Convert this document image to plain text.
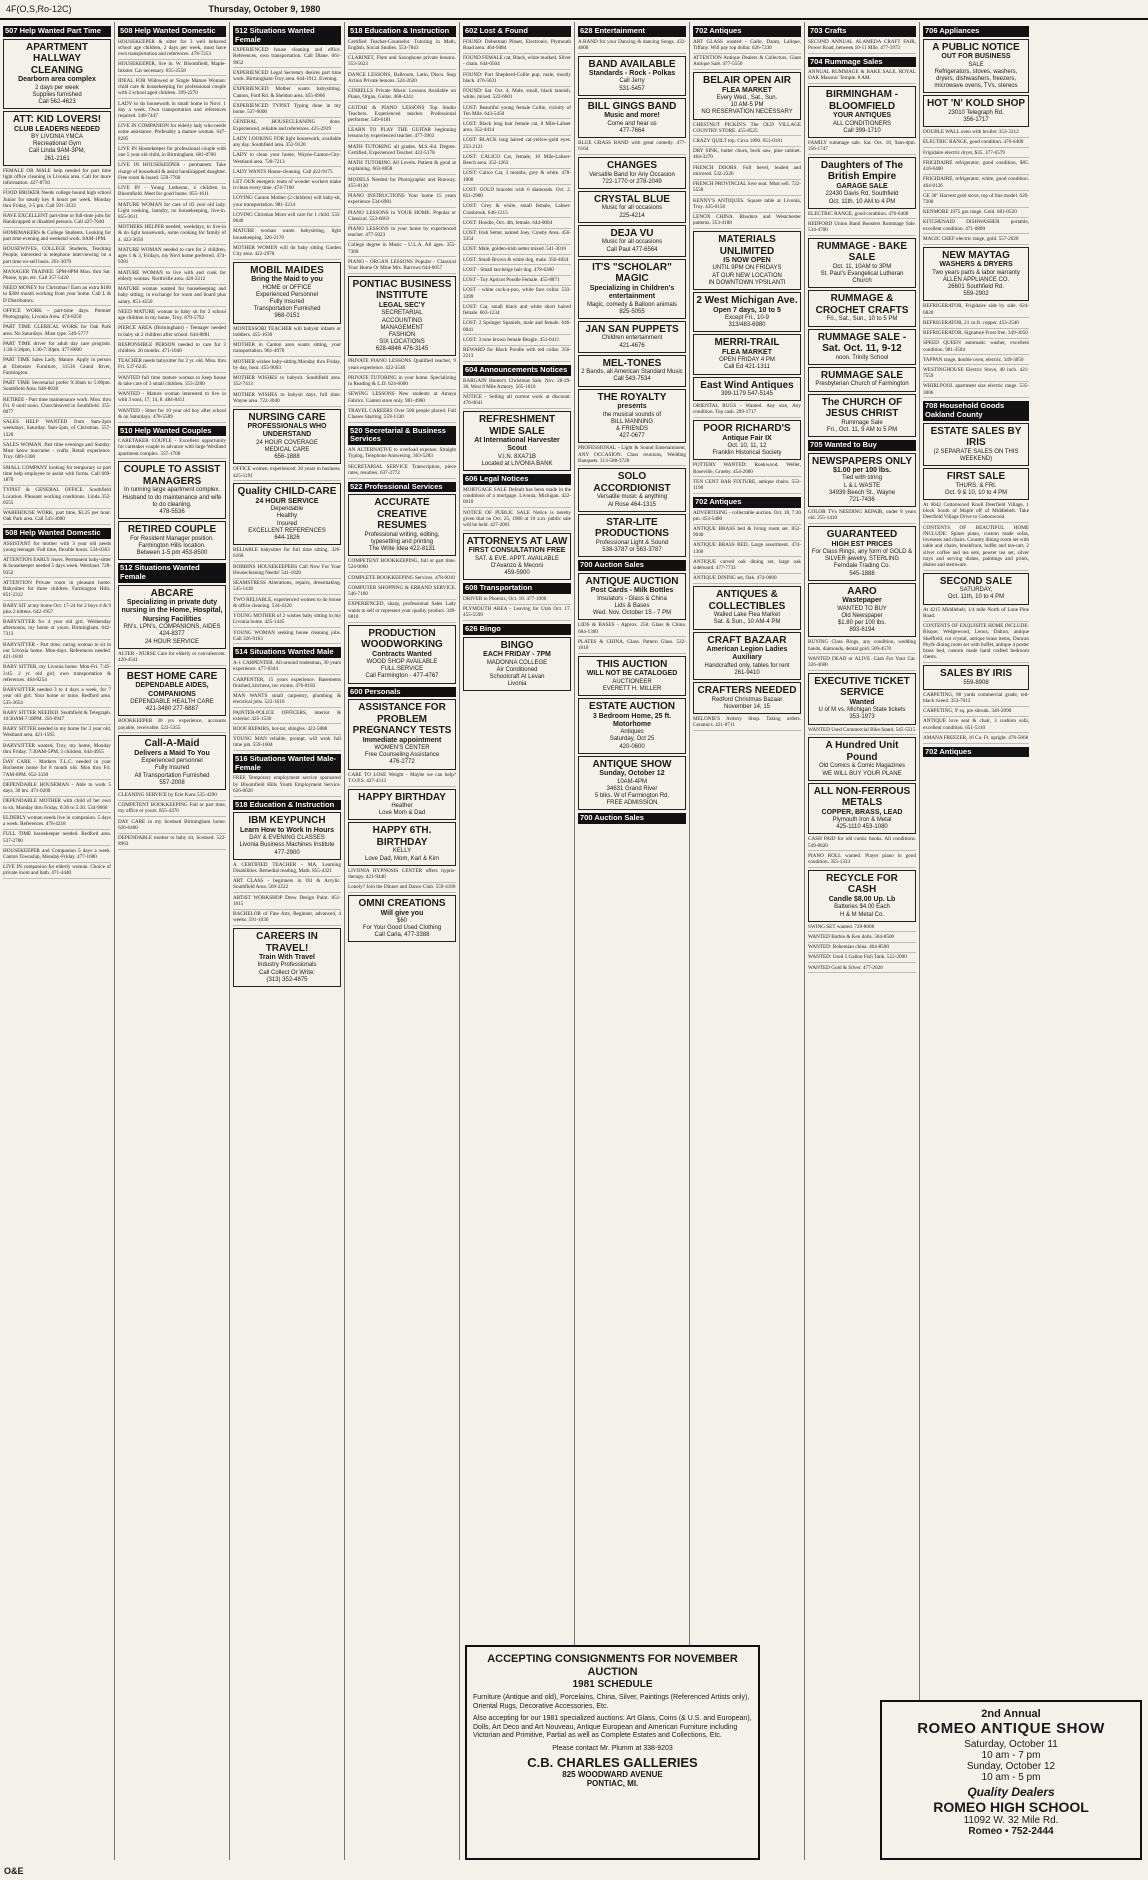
4F(O,S,Ro-12C)	Thursday, October 9, 1980
507 Help Wanted Part Time
APARTMENT HALLWAY CLEANING
Dearborn area complex
2 days per week
Supplies furnished
Call 562-4623
ATT: KID LOVERS!
CLUB LEADERS NEEDED
BY LIVONIA YMCA
Recreational Gym
Call Linda 9AM-3PM,
261-2161
FEMALE OR MALE help needed for part time light office cleaning in Livonia area. Call for more information. 427-8750
FOOD BROKER Needs college bound high school Junior for steady key 8 hours per week. Monday thru Friday, 3-5 pm. Call 591-3333
HAVE EXCELLENT part-time or full-time jobs for Handicapped or disabled persons. Call 427-7640
HOMEMAKERS & College Students. Looking for part time evening and weekend work. 8AM-1PM.
HOUSEWIVES, COLLEGE Students, Teaching People, interested in telephone interviewing on a part time no-sell basis. 261-3070
MANAGER TRAINEE. 5PM-8PM Mon. thru Sat. Phone, type, etc. Call 357-5420
NEED MONEY for Christmas? Earn an extra $100 to $300 month working from your home. Call L & D Distributors.
OFFICE WORK - part-time days. Premier Photography, Livonia Area. 474-8250
PART TIME CLERICAL WORK for Oak Park area. No Saturdays. Must type. 549-5777
PART TIME driver for adult day care program. 1:30-3:30pm, 1:30-7:30pm. 477-8000
PART TIME Sales Lady. Mature. Apply in person at Ebenezer Furniture, 31516 Grand River, Farmington.
PART TIME Secretarial prefer 9:30am to 5:00pm. Southfield Area. 646-8030
RETIREE - Part time maintenance work. Mon. thru Fri. 8 until noon. Churchleaved in Southfield. 355-0077
SALES HELP WANTED from 8am-2pm weekdays, Saturday. 9am-5pm, of Christmas. 557-1320
SALES WOMAN. Part time evenings and Sunday. Must know macrame - crafts. Retail experience. Troy. 689-1300
SMALL COMPANY looking for temporary or part time help employee to assist with forms. Call 669-1870
TYPIST & GENERAL OFFICE. Southfield Location. Pleasant working conditions. Linda 352-0555
WAREHOUSE WORK, part time, $3.25 per hour. Oak Park area. Call 543-3000
508 Help Wanted Domestic
ASSISTANT for mother with 3 year old needs young teenager. Full time, flexible hours. 534-0303
ATTENTION EARLY risers. Permanent baby-sitter & housekeeper needed 5 days week. Westland. 728-9352
ATTENTION Private room in pleasant home. Babysitter for three children. Farmington Hills. 851-2312
BABY SIT at my home Oct. 17-24 for 2 boys 4 & 9 plus 2 kittens. 642-1957
BABYSITTER for 4 year old girl. Wednesday afternoons, my home or yours. Birmingham. 642-7313
BABYSITTER - Part time, caring woman to sit in our Livonia home. Mon-days. References needed. 421-1818
BABY SITTER, my Livonia home. Mon-Fri. 7:45-3:45. 2 yr. old girl, own transportation & references. 464-8254
BABYSITTER needed 3 to 4 days a week, for 7 year old girl. Your home or mine. Redford area. 535-3654
BABY SITTER NEEDED. Southfield & Telegraph. 10:30AM-7:30PM. 356-0947
BABY SITTER needed in my home for 3 year old, Westland area. 421-1565
BABYSITTER wanted, Troy, my home, Monday thru Friday. 7:30AM-5PM, 3 children. 644-4955
DAY CARE - Mothers T.L.C. needed in your Rochester home for 8 month old. Mon thru Fri. 7AM-6PM. 652-3330
DEPENDABLE HOUSEMAN - Able to work 5 days, 30 hrs. 471-0200
DEPENDABLE MOTHER with child of her own to sit, Monday thru Friday. 8:30 to 5:30. 534-9660
ELDERLY woman needs live in companion. 5 days a week. References. 476-4218
FULL TIME housekeeper needed. Redford area. 537-2700
HOUSEKEEPER and Companion 5 days a week. Canton Township, Monday-Friday. 477-1680
LIVE IN companion for elderly woman. Choice of private room and bath. 471-4440
508 Help Wanted Domestic
HOUSEKEEPER & sitter for 3 well behaved school age children, 2 days per week, must have own transportation and references. 478-7253
HOUSEKEEPER, live in. W. Bloomfield, Maple-Inkster. Car necessary. 855-2558
IDEAL FOR Widowed or Single Mature Woman: child care & housekeeping for professional couple with 2 school aged children. 399-2270
LADY to do housework in small home in Novi. 1 day a week. Own transportation and references required. 348-7447
LIVE IN COMPANION for elderly lady who needs some assistance. Preferably a mature woman. 647-8285
LIVE IN Housekeeper for professional couple with one 5 year old child, in Birmingham. 681-0700
LIVE IN HOUSEKEEPER - permanent. Take charge of household & assist handicapped daughter. Free room & board. 559-7760
LIVE IN - Young Lutheran, 4 children in Bloomfield. Meet for good home. 855-1611
MATURE WOMAN for care of 83 year old lady. Light cooking, laundry, no housekeeping, live-in. 855-3611
MOTHERS HELPER needed, weekdays, to live-in & do light housework, some cooking for family of 4. 422-3650
MATURE WOMAN needed to care for 2 children, ages 1 & 3, Fridays, my Novi home preferred. 474-9381
MATURE WOMAN to live with and cook for elderly woman. Northville area. 420-2212
MATURE woman wanted for housekeeping and baby sitting, in exchange for room and board plus salary. 851-4550
NEED MATURE woman to baby sit for 2 school age children in my home, Troy. 879-5792
PIERCE AREA (Birmingham) - Teenager needed to baby sit 2 children after school. 644-8881
RESPONSIBLE PERSON needed to care for 3 children. 20 months. 471-1040
TEACHER needs babysitter for 2 yr. old. Mon. thru Fri. 537-6245
WANTED full time mature woman to keep house & take care of 3 small children. 553-2280
WANTED - Mature woman interested to live in with 3 sons, 17, 14, 8. 484-8411
WANTED - Sitter for 10 year old boy after school & on Saturdays. 478-5589
510 Help Wanted Couples
CARETAKER COUPLE - Excellent opportunity for caretaker couple to advance with large Westland apartment complex. 557-1700
COUPLE TO ASSIST MANAGERS
In running large apartment complex. Husband to do maintenance and wife to do cleaning.
478-5536
RETIRED COUPLE
For Resident Manager position. Farmington Hills location.
Between 1-5 pm 453-8500
512 Situations Wanted Female
ABCARE
Specializing in private duty nursing in the Home, Hospital, Nursing Facilities
RN's, LPN's, COMPANIONS, AIDES
424-8377
24 HOUR SERVICE
ALTER - NURSE Care for elderly or convalescent. 420-4541
BEST HOME CARE
DEPENDABLE AIDES, COMPANIONS
DEPENDABLE HEALTH CARE
421-3480 277-6887
BOOKKEEPER 30 yrs experience, accounts payable, receivable. 522-5355
Call-A-Maid
Delivers a Maid To You
Experienced personnel
Fully Insured
All Transportation Furnished
557-2008
CLEANING SERVICE by Erie Kuns 535-4290
COMPETENT BOOKKEEPING Full or part time, my office or yours. 855-4370
DAY CARE in my licensed Birmingham home. 626-6400
DEPENDABLE mother to baby sit, licensed. 522-8963
512 Situations Wanted Female
EXPERIENCED house cleaning and office. References, own transportation. Call Diane. 661-9052
EXPERIENCED Legal Secretary desires part time work. Birmingham-Troy area. 644-1912. Evening.
EXPERIENCED Mother wants babysitting. Canton, Ford Rd. & Sheldon area. 455-6966
EXPERIENCED TYPIST Typing done in my home. 537-6000
GENERAL HOUSECLEANING done. Experienced, reliable and references. 425-2919
LADY LOOKING FOR light housework, available any day. Southfield area. 352-9120
LADY to clean your home, Wayne-Canton-City-Westland area. 728-7213
LADY WANTS House-cleaning. Call 422-9175
LET OUR energetic team of wonder workers make it clean every time. 474-7160
LOVING Canton Mother (2 children) will baby-sit, your transportation. 981-3214
LOVING Christian Mom will care for 1 child. 535-0640
MATURE woman wants babysitting, light housekeeping. 326-2170
MOTHER WOMEN will do baby sitting Garden City area. 422-2970
MOBIL MAIDES
Bring the Maid to you
HOME or OFFICE
Experienced Personnel
Fully Insured
Transportation Furnished
968-0151
MONTESSORI TEACHER will babysit infants or toddlers. 455-1630
MOTHER in Canton area wants sitting, your transportation. 981-4970
MOTHER wishes baby-sitting Monday thru Friday, by day, hour. 455-9093
MOTHER WISHES to babysit. Southfield area. 352-7413
MOTHER WISHES to babysit days, full time. Wayne area. 722-3040
NURSING CARE
PROFESSIONALS WHO UNDERSTAND
24 HOUR COVERAGE
MEDICAL CARE
656-1888
OFFICE women, experienced. 30 years in business. 425-5191
Quality CHILD-CARE
24 HOUR SERVICE
Dependable
Healthy
Insured
EXCELLENT REFERENCES
644-1826
RELIABLE babysitter for full time sitting. 326-6160
ROBBINS HOUSEKEEPERS Call Now For Your Housecleaning Needs! 541-1020
SEAMSTRESS Alterations, repairs, dressmaking. 545-1418
TWO RELIABLE, experienced women to do house & office cleaning. 534-4120
YOUNG MOTHER of 2 wishes baby sitting in my Livonia home. 425-1445
YOUNG WOMAN seeking house cleaning jobs. Call 326-9163
514 Situations Wanted Male
A-1 CARPENTER. All-around tradesman, 30 years experience. 477-0344
CARPENTER, 15 years experience. Basements finished, kitchens, rec rooms. 476-8183
MAN WANTS small carpentry, plumbing & electrical jobs. 522-1610
PAINTER-POLICE OFFICERS, interior & exterior. 425-1530
ROOF REPAIRS, hot-tar, shingles. 422-5888
YOUNG MAN reliable, prompt, will work full time job. 559-1604
516 Situations Wanted Male-Female
FREE Temporary employment service sponsored by Bloomfield Hills Youth Employment Service. 626-0620
518 Education & Instruction
IBM KEYPUNCH
Learn How to Work In Hours
DAY & EVENING CLASSES
Livonia Business Machines Institute
477-2900
A CERTIFIED TEACHER - MA, Learning Disabilities. Remedial reading, Math. 855-4321
ART CLASS - beginners in Oil & Acrylic. Southfield Area. 569-2222
ARTIST WORKSHOP Drew Design Paint. 851-1015
BACHELOR of Fine Arts, Beginner, advanced, 4 weeks. 591-1030
CAREERS IN TRAVEL!
Train With Travel
Industry Professionals
Call Collect Or Write:
(313) 352-4875
518 Education & Instruction
Certified Teacher-Counselor. Tutoring in Math, English, Social Studies. 553-7843
CLARINET, Flute and Saxophone private lessons. 553-5623
DANCE LESSONS, Ballroom, Latin, Disco. Stop Action Private lessons. 524-2620
GINRELLS Private Music Lessons Available on Piano, Organ, Guitar. 468-4241
GUITAR & PIANO LESSONS Top Studio Teachers. Experienced teacher. Professional performer. 549-6181
LEARN TO PLAY THE GUITAR beginning lessons by experienced teacher. 477-3963
MATH TUTORING all grades. M.S.-Ed. Degree. Certified, Experienced Teacher. 422-5178
MATH TUTORING All Levels. Patient & good at explaining. 663-8858
MODELS Needed for Photographic and Runway. 455-8120
PIANO INSTRUCTIONS Your home 15 years experience 534-6901
PIANO LESSONS in YOUR HOME. Popular or Classical. 553-6663
PIANO LESSONS in your home by experienced teacher. 477-5023
College degree in Music - U.L.A. All ages. 355-7360
PIANO - ORGAN LESSONS Popular - Classical Your Home Or Mine Mrs. Barrows 644-0057
PONTIAC BUSINESS INSTITUTE
LEGAL SEC'Y
SECRETARIAL
ACCOUNTING
MANAGEMENT
FASHION
SIX LOCATIONS
628-4846 476-3145
PRIVATE PIANO LESSONS Qualified teacher, 9 years experience. 422-3540
PRIVATE TUTORING in your home. Specializing in Reading & L.D. 624-6000
SEWING LESSONS New students at Amaya Fabrics. Canton store only. 981-4960
TRAVEL CAREERS Over 500 people placed. Fall Classes Starting. 559-1330
520 Secretarial & Business Services
AN ALTERNATIVE to overload expense. Straight Typing, Telephone Answering. 363-5283
SECRETARIAL SERVICE Transcription, piece rates, resumes. 637-2772
522 Professional Services
ACCURATE CREATIVE RESUMES
Professional writing, editing, typesetting and printing
The Write Idea 422-8131
COMPETENT BOOKKEEPING, full or part time. 524-0060
COMPLETE BOOKKEEPING Services. 478-0010
COMPUTER SHOPPING & ERRAND SERVICE. 546-7160
EXPERIENCED, sharp, professional Sales Lady wants to sell or represent your quality product. 349-0810
PRODUCTION WOODWORKING
Contracts Wanted
WOOD SHOP AVAILABLE
FULL SERVICE
Call Farmington - 477-4767
600 Personals
ASSISTANCE FOR PROBLEM PREGNANCY TESTS
Immediate appointment
WOMEN'S CENTER
Free Counseling Assistance
476-2772
CARE TO LOSE Weight - Maybe we can help? T.O.P.S. 427-4313
HAPPY BIRTHDAY
Heather
Love Mom & Dad
HAPPY 6TH. BIRTHDAY
KELLY
Love Dad, Mom, Karl & Kim
LIVONIA HYPNOSIS CENTER offers hypno-therapy. 421-9440
Lonely? Join the Dinner and Dance Club. 559-4100
OMNI CREATIONS
Will give you
$60
For Your Good Used Clothing
Call Carla, 477-3388
602 Lost & Found
FOUND: Doberman Pinser, Electronic, Plymouth Road area. 464-9484
FOUND FEMALE cat, Black, white marked, Silver - chain. 644-0504
FOUND: Part Shepherd-Collie pup, male, mostly black. 476-5631
FOUND: Sat. Oct. 4, Male, small, black tannish, white, mixed. 522-6601
LOST: Beautiful young female Collie, vicinity of Ten Mile. 643-5450
LOST: Black long hair female cat, 8 Mile-Lahser area. 352-4414
LOST: BLACK long haired cat-yellow-gold eyes. 255-2121
LOST: CALICO Cat, female, 10 Mile-Lahser-Beech area. 352-1263
LOST: Calico Cat, 3 months, grey & white. 478-1000
LOST: GOLD bracelet with 6 diamonds. Oct. 2. 851-2900
LOST: Grey & white, small female, Lahser-Cranbrook. 646-1215
LOST: Hoodie, Oct. 4th, female. 644-0004
LOST: Irish Setter, named Joey. Crosby Area. 456-3354
LOST: Male, golden-irish setter mixed. 541-3016
LOST: Small Brown & white dog, male. 356-4024
LOST - Small tan-beige hair dog. 478-6300
LOST - Toy Apricot Poodle Female. 455-8871
LOST - white cock-a-poo, white face collar. 533-3399
LOST: Cat, small black and white short haired female. 663-1234
LOST: 2 Springer Spaniels, male and female. 646-0041
LOST: 3 tone brown female Beagle. 451-0411
REWARD for Black Poodle with red collar. 356-2313
604 Announcements Notices
BARGAIN Hunter's Christmas Sale. Nov. 28-29-30. West 8 Mile Armory. 565-1010
NOTICE - Selling all current work at discount. 476-0641
REFRESHMENT WIDE SALE
At International Harvester Scout
V.I.N. 8XA71B
Located at LIVONIA BANK
606 Legal Notices
MORTGAGE SALE Default has been made in the conditions of a mortgage. Livonia, Michigan. 422-0010
NOTICE OF PUBLIC SALE Notice is hereby given that on Oct. 25, 1980 at 10 a.m. public sale will be held. 427-2001
ATTORNEYS AT LAW
FIRST CONSULTATION FREE
SAT. & EVE. APPT. AVAILABLE
D'Avanzo & Meconi
459-5900
608 Transportation
DRIVER to Phoenix, Oct. 18. 477-1000
PLYMOUTH AREA - Leaving for Utah Oct. 17. 455-5599
626 Bingo
BINGO
EACH FRIDAY - 7PM
MADONNA COLLEGE
Air Conditioned
Schoolcraft At Levan
Livonia
628 Entertainment
A BAND for your Dancing & dancing Songs. 432-4000
BAND AVAILABLE
Standards - Rock - Polkas
Call Jerry
531-5457
BILL GINGS BAND
Music and more!
Come and hear us
477-7664
BLUE GRASS BAND with great comedy. 477-6164
CHANGES
Versatile Band for Any Occasion
722-1770 or 278-2049
CRYSTAL BLUE
Music for all occasions
225-4214
DEJA VU
Music for all occasions
Call Paul 477-6564
IT'S "SCHOLAR" MAGIC
Specializing in Children's entertainment
Magic, comedy & Balloon animals
825-5055
JAN SAN PUPPETS
Children entertainment
421-4676
MEL-TONES
2 Bands, all American Standard Music
Call 543-7534
THE ROYALTY
presents
the musical sounds of
BILL MANNING
& FRIENDS
427-0677
PROFESSIONAL - Light & Sound Entertainment, ANY OCCASION. Class reunions, Wedding Banquets. 313-588-3720
SOLO ACCORDIONIST
Versatile music & anything
Al Rose 464-1315
STAR-LITE PRODUCTIONS
Professional Light & Sound
538-3787 or 563-3787
700 Auction Sales
ANTIQUE AUCTION
Post Cards - Milk Bottles
Insulators - Glass & China
Lids & Bases
Wed. Nov. October 15 - 7 PM
LIDS & BASES - Approx. 250. Glass & China. 684-1300
PLATES & CHINA, Glass. Pattern Glass. 522-1010
THIS AUCTION
WILL NOT BE CATALOGED
AUCTIONEER
EVERETT H. MILLER
ESTATE AUCTION
3 Bedroom Home, 25 ft. Motorhome
Antiques
Saturday, Oct 25
420-0600
ANTIQUE SHOW
Sunday, October 12
10AM-4PM
34631 Grand River
5 blks. W of Farmington Rd.
FREE ADMISSION
700 Auction Sales
702 Antiques
ART GLASS wanted - Galle, Daum, Lalique, Tiffany. Will pay top dollar. 626-7230
ATTENTION Antique Dealers & Collectors. Giant Antique Sale. 477-5550
BELAIR OPEN AIR
FLEA MARKET
Every Wed., Sat., Sun.
10 AM-5 PM
NO RESERVATION NECESSARY
CHESTNUT PICKIN'S The OLD VILLAGE COUNTRY STORE. 455-8525
CRAZY QUILT top. Circa 1890. 651-0181
DRY SINK, butter churn, buck saw, pine cabinet. 464-3270
FRENCH DOORS. Full bevel, leaded and mirrored. 532-2226
FRENCH PROVINCIAL love seat. Must sell. 722-5558
KENNY'S ANTIQUES. Square table at Livonia, Troy. 435-0150
LENOX CHINA. Rhodora and Westchester patterns. 353-4188
MATERIALS UNLIMITED
IS NOW OPEN
UNTIL 9PM ON FRIDAYS
AT OUR NEW LOCATION
IN DOWNTOWN YPSILANTI
2 West Michigan Ave.
Open 7 days, 10 to 5
Except Fri., 10-9
313/483-6980
MERRI-TRAIL
FLEA MARKET
OPEN FRIDAY 4 PM
Call Ed 421-1311
East Wind Antiques
399-1179 547-5145
ORIENTAL RUGS - Wanted. Any size, Any condition. Top cash. 299-1717
POOR RICHARD'S
Antique Fair IX
Oct. 10, 11, 12
Franklin Historical Society
POTTERY WANTED: Rookwood, Weller, Roseville, Grueby. 454-2000
TEN CENT BAR FIXTURE, antique chairs. 553-1190
702 Antiques
ADVERTISING - collectable auction. Oct. 18, 7:30 pm. 453-5400
ANTIQUE BRASS bed & living room set. 852-9040
ANTIQUE BRASS BED, Large assortment. 474-1300
ANTIQUE carved oak dining set, large oak sideboard. 477-7733
ANTIQUE DINING set, Oak. 474-0000
ANTIQUES & COLLECTIBLES
Walled Lake Flea Market
Sat. & Sun., 10 AM-4 PM
CRAFT BAZAAR
American Legion Ladies Auxiliary
Handcrafted only, tables for rent
261-9410
CRAFTERS NEEDED
Redford Christmas Bazaar
November 14, 15
MELONIE'S Artistry Shop. Taking orders. Ceramics. 421-0711
703 Crafts
SECOND ANNUAL ALAMEDA CRAFT FAIR, Power Road, between 10-11 Mile. 477-1973
704 Rummage Sales
ANNUAL RUMMAGE & BAKE SALE. ROYAL OAK Masonic Temple. 8 AM.
BIRMINGHAM - BLOOMFIELD
YOUR ANTIQUES
ALL CONDITIONERS
Call 399-1710
FAMILY rummage sale. Sat. Oct. 18, 9am-4pm. 356-1747
Daughters of The British Empire
GARAGE SALE
22430 Davis Rd, Southfield
Oct. 11th, 10 AM to 4 PM
ELECTRIC RANGE, good condition. 476-6400
REDFORD Union Band Boosters Rummage Sale. 534-4700
RUMMAGE - BAKE SALE
Oct. 11, 10AM to 3PM
St. Paul's Evangelical Lutheran Church
RUMMAGE & CROCHET CRAFTS
Fri., Sat., Sun., 10 to 5 PM
RUMMAGE SALE - Sat. Oct. 11, 9-12
noon. Trinity School
RUMMAGE SALE
Presbyterian Church of Farmington
The CHURCH OF JESUS CHRIST
Rummage Sale
Fri., Oct. 11, 9 AM to 5 PM
705 Wanted to Buy
NEWSPAPERS ONLY
$1.00 per 100 lbs.
Tied with string
L & L WASTE
34939 Beech St., Wayne
721-7436
COLOR TVs NEEDING REPAIR, under 8 years old. 255-1410
GUARANTEED
HIGH EST PRICES
For Class Rings, any form of GOLD & SILVER jewelry, STERLING
Ferndale Trading Co.
545-1888
AARO
Wastepaper
WANTED TO BUY
Old Newspaper
$1.80 per 100 lbs.
893-6194
BUYING Class Rings, any condition, wedding bands, diamonds, dental gold. 569-4570
WANTED DEAD or ALIVE. Cash For Your Car. 326-4600
EXECUTIVE TICKET SERVICE
Wanted
U of M vs. Michigan State tickets
353-1973
WANTED Used Commercial Bike Stand. 545-5515
A Hundred Unit Pound
Old Comics & Comic Magazines
WE WILL BUY YOUR PLANE
ALL NON-FERROUS METALS
COPPER, BRASS, LEAD
Plymouth Iron & Metal
425-1110 453-1080
CASH PAID for old comic books. All conditions. 549-8820
PIANO ROLL wanted. Player piano in good condition. 355-1333
RECYCLE FOR CASH
Candle $8.00 Up. Lb
Batteries $4.00 Each
H & M Metal Co.
SWING SET wanted. 728-8008
WANTED Barbie & Ken dolls. 584-8500
WANTED: Bohemian china. 464-8500
WANTED: Used 5 Gallon Fish Tank. 522-2000
WANTED Gold & Silver. 477-2020
706 Appliances
A PUBLIC NOTICE
OUT FOR BUSINESS
SALE
Refrigerators, stoves, washers, dryers, dishwashers, freezers, microwave ovens, TVs, stereos
HOT 'N' KOLD SHOP
23010 Telegraph Rd.
356-1717
DOUBLE WALL oven with broiler. 353-3312
ELECTRIC RANGE, good condition. 476-6400
Frigidaire electric dryer, $35. 377-6579
FRIGIDAIRE refrigerator, good condition, $85. 416-6400
FRIGIDAIRE, refrigerator, white, good condition. 464-0126
GE 30" Harvest gold stove, top of line model. 626-7200
KENMORE 1975 gas range. Gold. 681-0520
KITCHENAID DISHWASHER portable, excellent condition. 471-0800
MAGIC CHEF electric range, gold. 557-2020
NEW MAYTAG
WASHERS & DRYERS
Two years parts & labor warranty
ALLEN APPLIANCE CO.
26601 Southfield Rd.
559-2902
REFRIGERATOR, Frigidaire side by side. 624-6820
REFRIGERATOR, 21 cu.ft. copper. 453-2540
REFRIGERATOR, Signature Frost free. 349-3050
SPEED QUEEN automatic washer, excellent condition. 981-3584
TAPPAN range, double oven, electric. 349-3050
WESTINGHOUSE Electric Stove, 40 inch. 421-7559
WHIRLPOOL apartment size electric range. 535-3006
708 Household Goods Oakland County
ESTATE SALES BY IRIS
(2 SEPARATE SALES ON THIS WEEKEND)
FIRST SALE
THURS. & FRI.
Oct. 9 & 10, 10 to 4 PM
At 6642 Cottonwood Knoll Deerfield Village, 1 block South of Maple off of Middlebelt. Take Deerfield Village Drive to Cottonwood.
CONTENTS OF BEAUTIFUL HOME INCLUDE: Spinet piano, custom made sofas, loveseats and chairs. Country dining room set with table and chairs, breakfront, buffet and tea-cart, 2 silver coffee and tea sets, pewter tea set, silver trays and serving dishes, paintings and prints, dishes and stemware.
SECOND SALE
SATURDAY,
Oct. 11th, 10 to 4 PM
At 4215 Middlebelt, 1/4 mile North of Lone Pine Road.
CONTENTS OF EXQUISITE HOME INCLUDE: Bisque, Wedgewood, Lenox, Dalton, antique Sheffield, cut crystal, antique brass items, Duncan Phyfe dining room set with buffet, antique 4 poster brass bed, custom made hand crafted bedroom chests.
SALES BY IRIS
559-8908
CARPETING, 80 yards commercial grade, red-black tweed. 353-7013
CARPETING, 9' sq. pre shrunk. 349-2090
ANTIQUE love seat & chair, 3 cushion sofa, excellent condition. 651-5310
AMANA FREEZER, 16 Cu. Ft. upright. 476-5668
702 Antiques
ACCEPTING CONSIGNMENTS FOR NOVEMBER AUCTION
1981 SCHEDULE
Furniture (Antique and old), Porcelains, China, Silver, Paintings (Referenced Artists only), Oriental Rugs, Decorative Accessories, Etc.
Also accepting for our 1981 specialized auctions: Art Glass, Coins (& U.S. and European), Dolls, Art Deco and Art Nouveau, Antique European and American Furniture including Victorian and Primitive, Partial as well as Complete Estates and Collections, Etc.
Please contact Mr. Plumm at 338-9203
C.B. CHARLES GALLERIES
825 WOODWARD AVENUE
PONTIAC, MI.
2nd Annual
ROMEO ANTIQUE SHOW
Saturday, October 11
10 am - 7 pm
Sunday, October 12
10 am - 5 pm
Quality Dealers
ROMEO HIGH SCHOOL
11092 W. 32 Mile Rd.
Romeo • 752-2444
O&E
